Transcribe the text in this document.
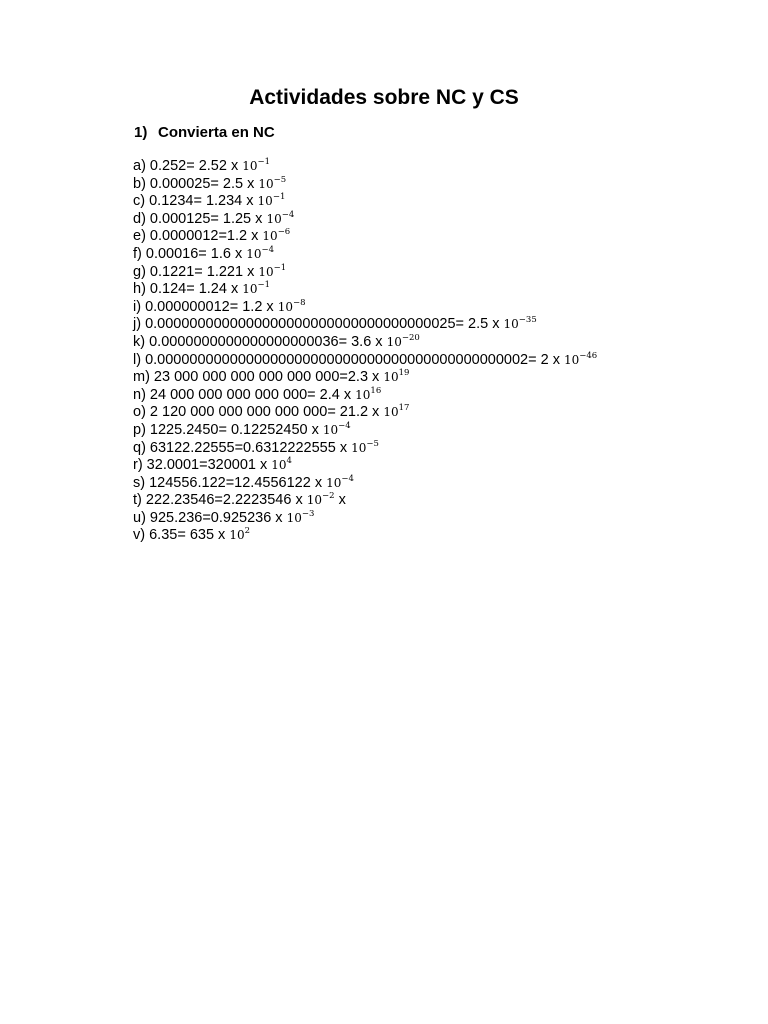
Actividades sobre NC y CS
1) Convierta en NC
a) 0.252= 2.52 x $10^{-1}$
b) 0.000025= 2.5 x $10^{-5}$
c) 0.1234= 1.234 x $10^{-1}$
d) 0.000125= 1.25 x $10^{-4}$
e) 0.0000012=1.2 x $10^{-6}$
f) 0.00016= 1.6 x $10^{-4}$
g) 0.1221= 1.221 x $10^{-1}$
h) 0.124= 1.24 x $10^{-1}$
i) 0.000000012= 1.2 x $10^{-8}$
j) 0.0000000000000000000000000000000000025= 2.5 x $10^{-35}$
k) 0.0000000000000000000036= 3.6 x $10^{-20}$
l) 0.0000000000000000000000000000000000000000000002= 2 x $10^{-46}$
m) 23 000 000 000 000 000 000=2.3 x $10^{19}$
n) 24 000 000 000 000 000= 2.4 x $10^{16}$
o) 2 120 000 000 000 000 000= 21.2 x $10^{17}$
p) 1225.2450= 0.12252450 x $10^{-4}$
q) 63122.22555=0.6312222555 x $10^{-5}$
r) 32.0001=320001 x $10^4$
s) 124556.122=12.4556122 x $10^{-4}$
t) 222.23546=2.2223546 x $10^{-2}$ x
u) 925.236=0.925236 x $10^{-3}$
v) 6.35= 635 x $10^2$
